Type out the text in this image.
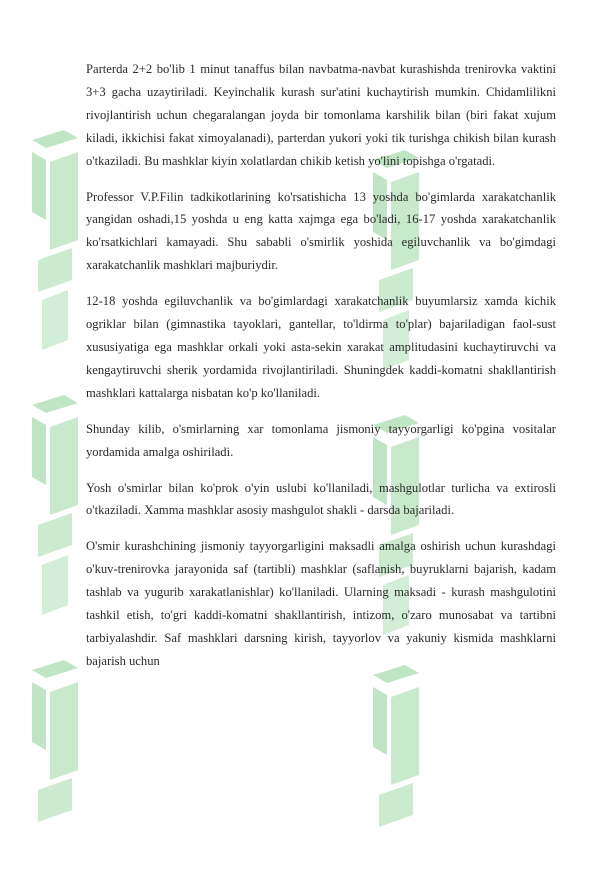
Parterda 2+2 bo'lib 1 minut tanaffus bilan navbatma-navbat kurashishda trenirovka vaktini 3+3 gacha uzaytiriladi. Keyinchalik kurash sur'atini kuchaytirish mumkin. Chidamlilikni rivojlantirish uchun chegaralangan joyda bir tomonlama karshilik bilan (biri fakat xujum kiladi, ikkichisi fakat ximoyalanadi), parterdan yukori yoki tik turishga chikish bilan kurash o'tkaziladi. Bu mashklar kiyin xolatlardan chikib ketish yo'lini topishga o'rgatadi.

Professor V.P.Filin tadkikotlarining ko'rsatishicha 13 yoshda bo'gimlarda xarakatchanlik yangidan oshadi,15 yoshda u eng katta xajmga ega bo'ladi, 16-17 yoshda xarakatchanlik ko'rsatkichlari kamayadi. Shu sababli o'smirlik yoshida egiluvchanlik va bo'gimdagi xarakatchanlik mashklari majburiydir.

12-18 yoshda egiluvchanlik va bo'gimlardagi xarakatchanlik buyumlarsiz xamda kichik ogriklar bilan (gimnastika tayoklari, gantellar, to'ldirma to'plar) bajariladigan faol-sust xususiyatiga ega mashklar orkali yoki asta-sekin xarakat amplitudasini kuchaytiruvchi va kengaytiruvchi sherik yordamida rivojlantiriladi. Shuningdek kaddi-komatni shakllantirish mashklari kattalarga nisbatan ko'p ko'llaniladi.

Shunday kilib, o'smirlarning xar tomonlama jismoniy tayyorgarligi ko'pgina vositalar yordamida amalga oshiriladi.

Yosh o'smirlar bilan ko'prok o'yin uslubi ko'llaniladi, mashgulotlar turlicha va extirosli o'tkaziladi. Xamma mashklar asosiy mashgulot shakli - darsda bajariladi.

O'smir kurashchining jismoniy tayyorgarligini maksadli amalga oshirish uchun kurashdagi o'kuv-trenirovka jarayonida saf (tartibli) mashklar (saflanish, buyruklarni bajarish, kadam tashlab va yugurib xarakatlanishlar) ko'llaniladi. Ularning maksadi - kurash mashgulotini tashkil etish, to'gri kaddi-komatni shakllantirish, intizom, o'zaro munosabat va tartibni tarbiyalashdir. Saf mashklari darsning kirish, tayyorlov va yakuniy kismida mashklarni bajarish uchun
